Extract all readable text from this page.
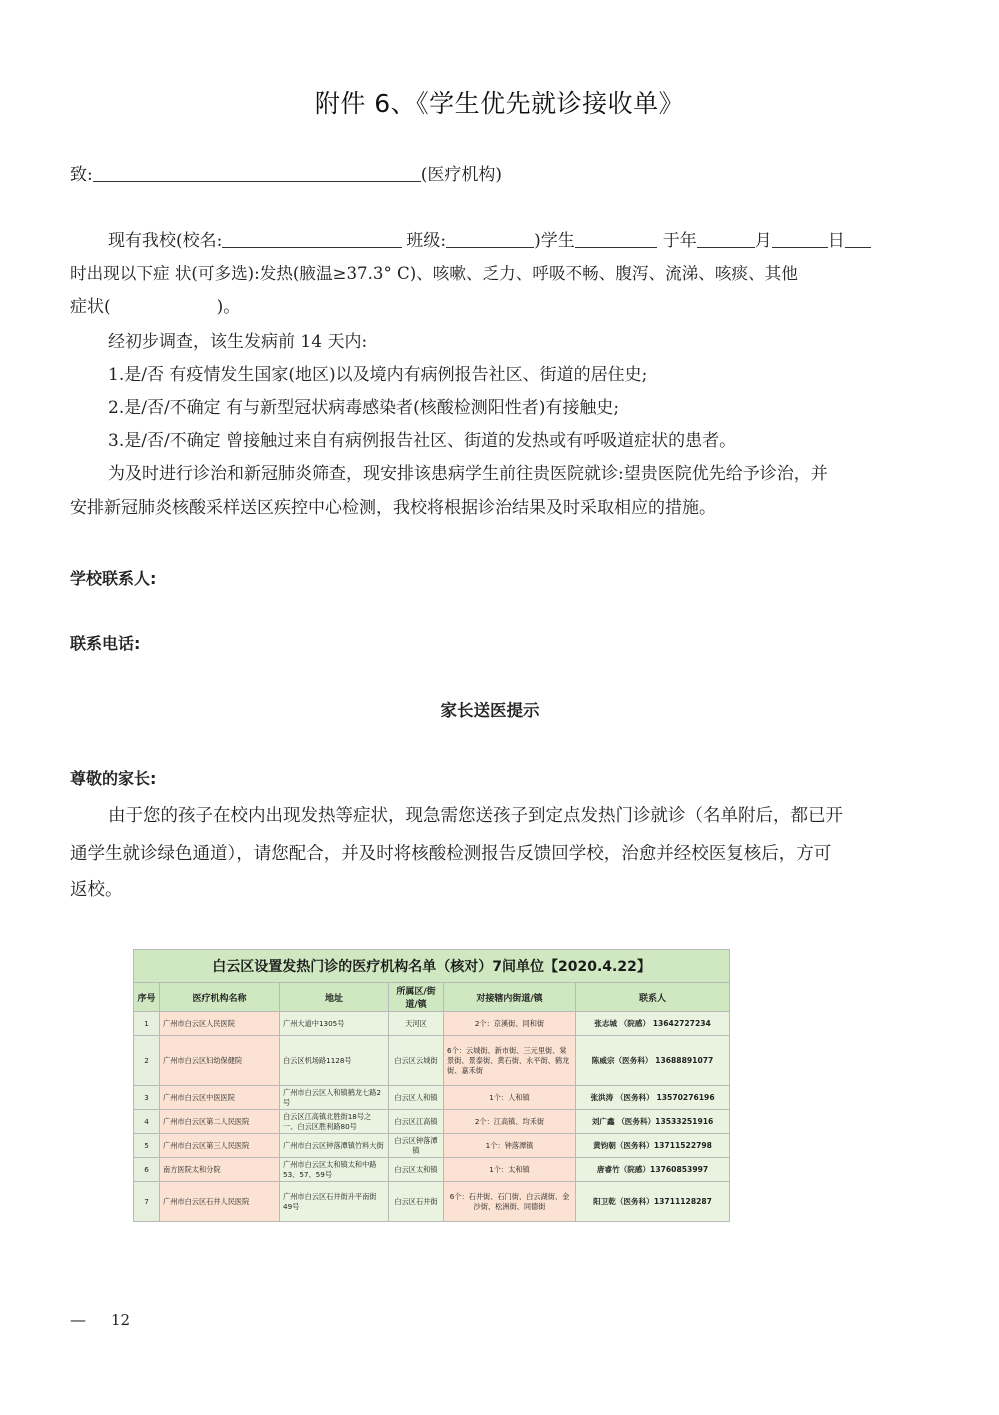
附件 6、《学生优先就诊接收单》
致:	(医疗机构)
现有我校(校名:	班级:	)学生	于年	月	日
时出现以下症 状(可多选):发热(腋温≥37.3° C)、咳嗽、乏力、呼吸不畅、腹泻、流涕、咳痰、其他
症状(	)。
经初步调查，该生发病前 14 天内:
1.是/否 有疫情发生国家(地区)以及境内有病例报告社区、街道的居住史;
2.是/否/不确定 有与新型冠状病毒感染者(核酸检测阳性者)有接触史;
3.是/否/不确定 曾接触过来自有病例报告社区、街道的发热或有呼吸道症状的患者。
为及时进行诊治和新冠肺炎筛查，现安排该患病学生前往贵医院就诊:望贵医院优先给予诊治，并
安排新冠肺炎核酸采样送区疾控中心检测，我校将根据诊治结果及时采取相应的措施。
学校联系人:
联系电话:
家长送医提示
尊敬的家长:
由于您的孩子在校内出现发热等症状，现急需您送孩子到定点发热门诊就诊（名单附后，都已开
通学生就诊绿色通道），请您配合，并及时将核酸检测报告反馈回学校，治愈并经校医复核后，方可
返校。
白云区设置发热门诊的医疗机构名单（核对）7间单位【2020.4.22】					
序号	医疗机构名称	地址	所属区/街道/镇	对接辖内街道/镇	联系人
1	广州市白云区人民医院	广州大道中1305号	天河区	2个：京溪街、同和街	张志城 （院感） 13642727234
2	广州市白云区妇幼保健院	白云区机场路1128号	白云区云城街	6个：云城街、新市街、三元里街、棠景街、景泰街、黄石街、永平街、鹤龙街、嘉禾街	陈威宗（医务科） 13688891077
3	广州市白云区中医医院	广州市白云区人和镇鹤龙七路2号	白云区人和镇	1个：人和镇	张洪涛 （医务科） 13570276196
4	广州市白云区第二人民医院	白云区江高镇北胜街18号之一、白云区胜利路80号	白云区江高镇	2个：江高镇、均禾街	刘广鑫 （医务科）13533251916
5	广州市白云区第三人民医院	广州市白云区钟落潭镇竹料大街	白云区钟落潭镇	1个：钟落潭镇	黄钧朝（医务科）13711522798
6	南方医院太和分院	广州市白云区太和镇太和中路53、57、59号	白云区太和镇	1个：太和镇	唐睿竹（院感）13760853997
7	广州市白云区石井人民医院	广州市白云区石井街升平南街49号	白云区石井街	6个：石井街、石门街、白云湖街、金沙街、松洲街、同德街	阳卫乾（医务科）13711128287
— 12
